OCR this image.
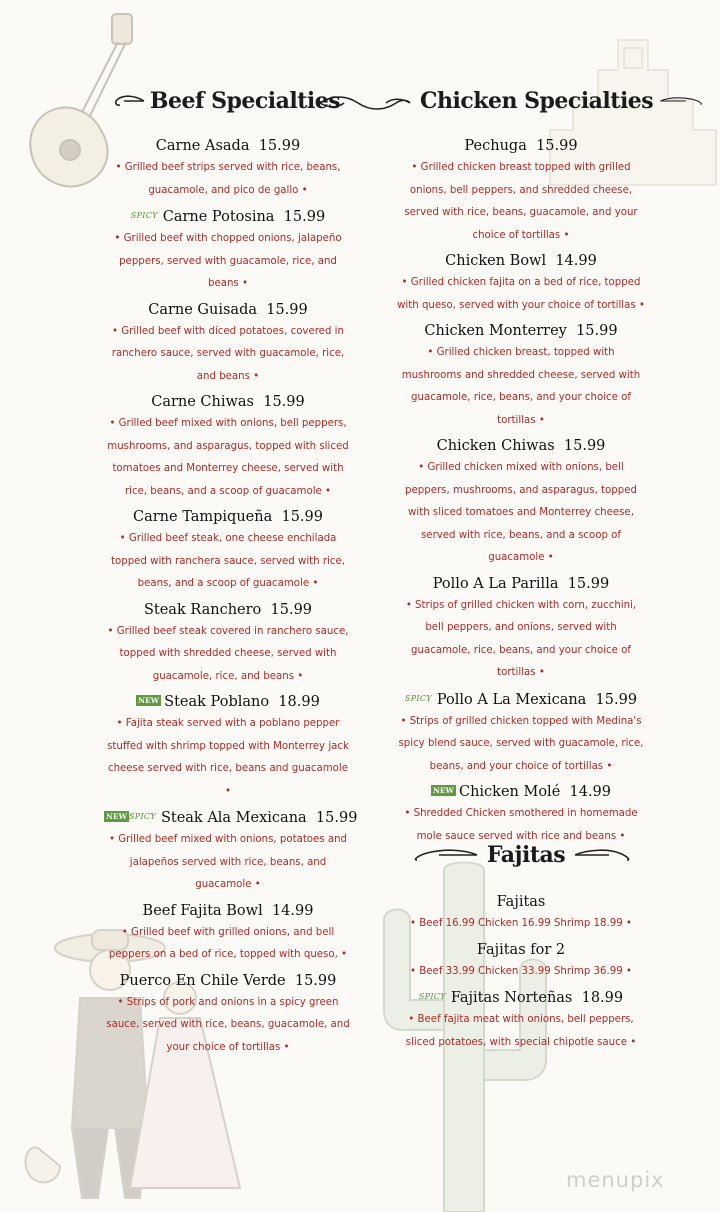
Beef Specialties	Chicken Specialties
Carne Asada 15.99
• Grilled beef strips served with rice, beans, guacamole, and pico de gallo •
$^{SPICY}$ Carne Potosina 15.99
• Grilled beef with chopped onions, jalapeño peppers, served with guacamole, rice, and beans •
Carne Guisada 15.99
• Grilled beef with diced potatoes, covered in ranchero sauce, served with guacamole, rice, and beans •
Carne Chiwas 15.99
• Grilled beef mixed with onions, bell peppers, mushrooms, and asparagus, topped with sliced tomatoes and Monterrey cheese, served with rice, beans, and a scoop of guacamole •
Carne Tampiqueña 15.99
• Grilled beef steak, one cheese enchilada topped with ranchera sauce, served with rice, beans, and a scoop of guacamole •
Steak Ranchero 15.99
• Grilled beef steak covered in ranchero sauce, topped with shredded cheese, served with guacamole, rice, and beans •
NEW Steak Poblano 18.99
• Fajita steak served with a poblano pepper stuffed with shrimp topped with Monterrey jack cheese served with rice, beans and guacamole •
NEW $^{SPICY}$ Steak Ala Mexicana 15.99
• Grilled beef mixed with onions, potatoes and jalapeños served with rice, beans, and guacamole •
Beef Fajita Bowl 14.99
• Grilled beef with grilled onions, and bell peppers on a bed of rice, topped with queso, •
Puerco En Chile Verde 15.99
• Strips of pork and onions in a spicy green sauce, served with rice, beans, guacamole, and your choice of tortillas •
Pechuga 15.99
• Grilled chicken breast topped with grilled onions, bell peppers, and shredded cheese, served with rice, beans, guacamole, and your choice of tortillas •
Chicken Bowl 14.99
• Grilled chicken fajita on a bed of rice, topped with queso, served with your choice of tortillas •
Chicken Monterrey 15.99
• Grilled chicken breast, topped with mushrooms and shredded cheese, served with guacamole, rice, beans, and your choice of tortillas •
Chicken Chiwas 15.99
• Grilled chicken mixed with onions, bell peppers, mushrooms, and asparagus, topped with sliced tomatoes and Monterrey cheese, served with rice, beans, and a scoop of guacamole •
Pollo A La Parilla 15.99
• Strips of grilled chicken with corn, zucchini, bell peppers, and onions, served with guacamole, rice, beans, and your choice of tortillas •
$^{SPICY}$ Pollo A La Mexicana 15.99
• Strips of grilled chicken topped with Medina's spicy blend sauce, served with guacamole, rice, beans, and your choice of tortillas •
NEW Chicken Molé 14.99
• Shredded Chicken smothered in homemade mole sauce served with rice and beans •
Fajitas
Fajitas
• Beef 16.99 Chicken 16.99 Shrimp 18.99 •
Fajitas for 2
• Beef 33.99 Chicken 33.99 Shrimp 36.99 •
$^{SPICY}$ Fajitas Norteñas 18.99
• Beef fajita meat with onions, bell peppers, sliced potatoes, with special chipotle sauce •
menupix
